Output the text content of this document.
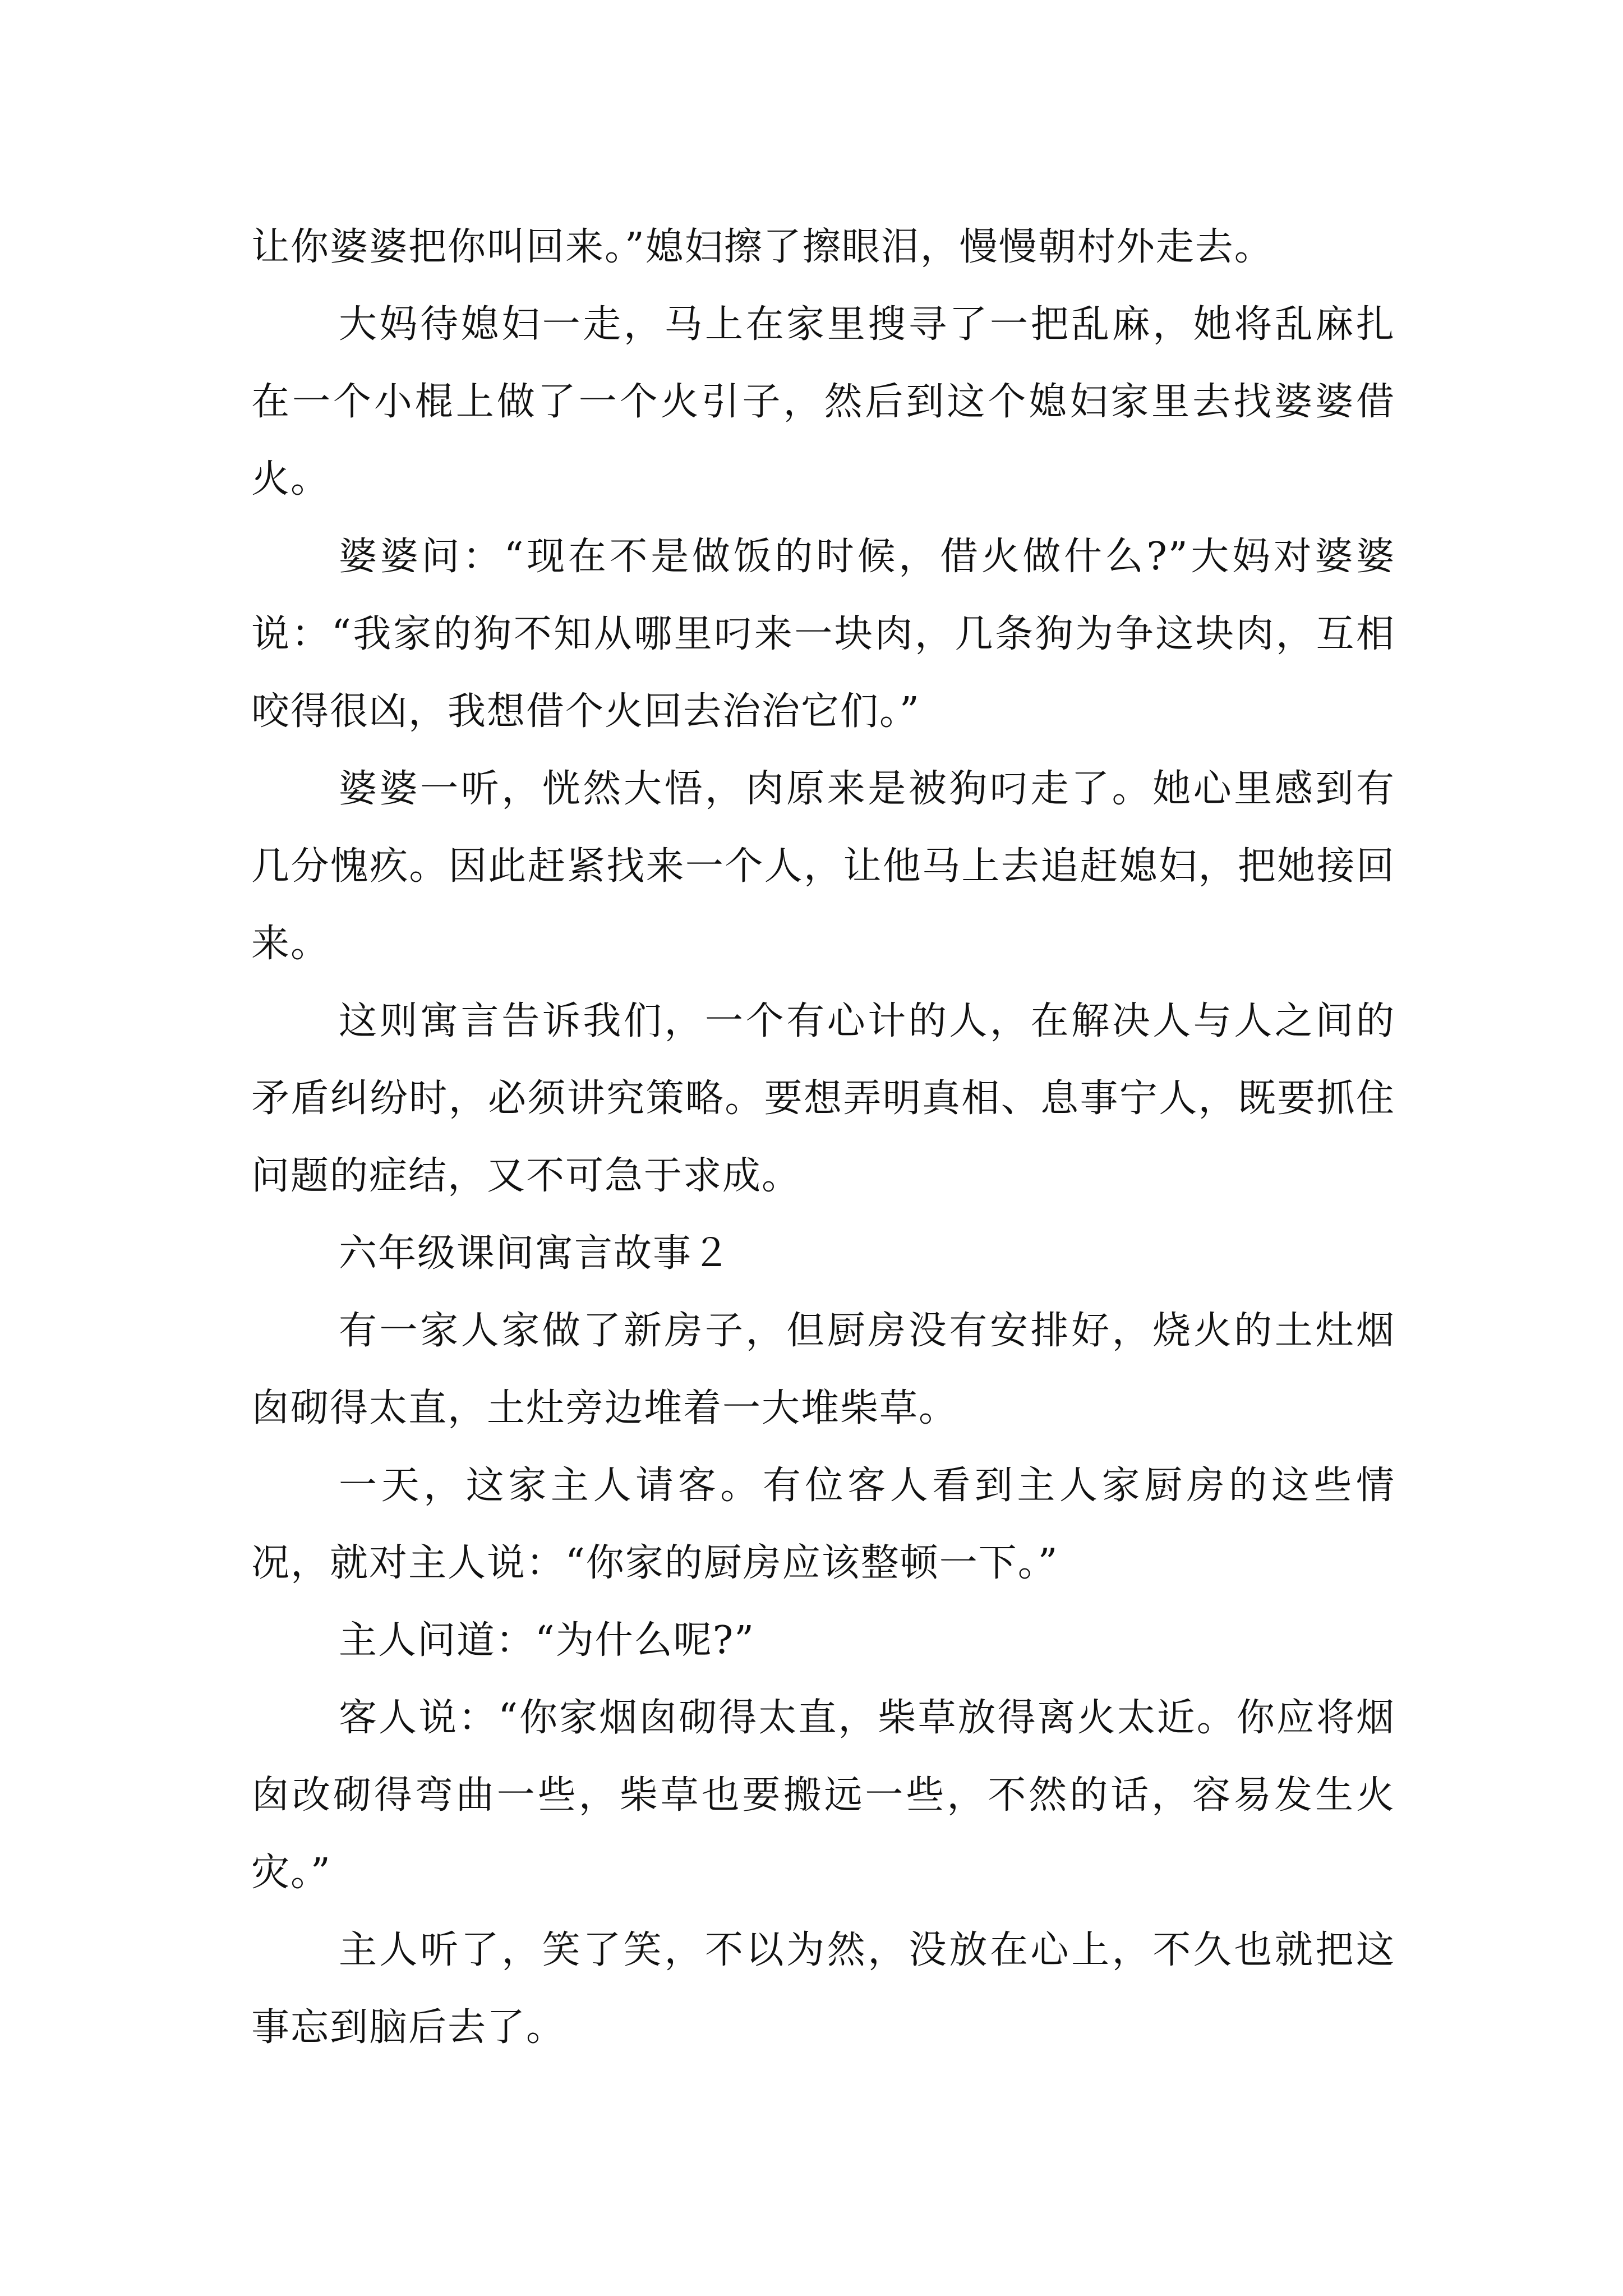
让你婆婆把你叫回来。”媳妇擦了擦眼泪，慢慢朝村外走去。

大妈待媳妇一走，马上在家里搜寻了一把乱麻，她将乱麻扎在一个小棍上做了一个火引子，然后到这个媳妇家里去找婆婆借火。

婆婆问：“现在不是做饭的时候，借火做什么?”大妈对婆婆说：“我家的狗不知从哪里叼来一块肉，几条狗为争这块肉，互相咬得很凶，我想借个火回去治治它们。”

婆婆一听，恍然大悟，肉原来是被狗叼走了。她心里感到有几分愧疚。因此赶紧找来一个人，让他马上去追赶媳妇，把她接回来。

这则寓言告诉我们，一个有心计的人，在解决人与人之间的矛盾纠纷时，必须讲究策略。要想弄明真相、息事宁人，既要抓住问题的症结，又不可急于求成。

六年级课间寓言故事２

有一家人家做了新房子，但厨房没有安排好，烧火的土灶烟囱砌得太直，土灶旁边堆着一大堆柴草。

一天，这家主人请客。有位客人看到主人家厨房的这些情况，就对主人说：“你家的厨房应该整顿一下。”

主人问道：“为什么呢?”

客人说：“你家烟囱砌得太直，柴草放得离火太近。你应将烟囱改砌得弯曲一些，柴草也要搬远一些，不然的话，容易发生火灾。”

主人听了，笑了笑，不以为然，没放在心上，不久也就把这事忘到脑后去了。
